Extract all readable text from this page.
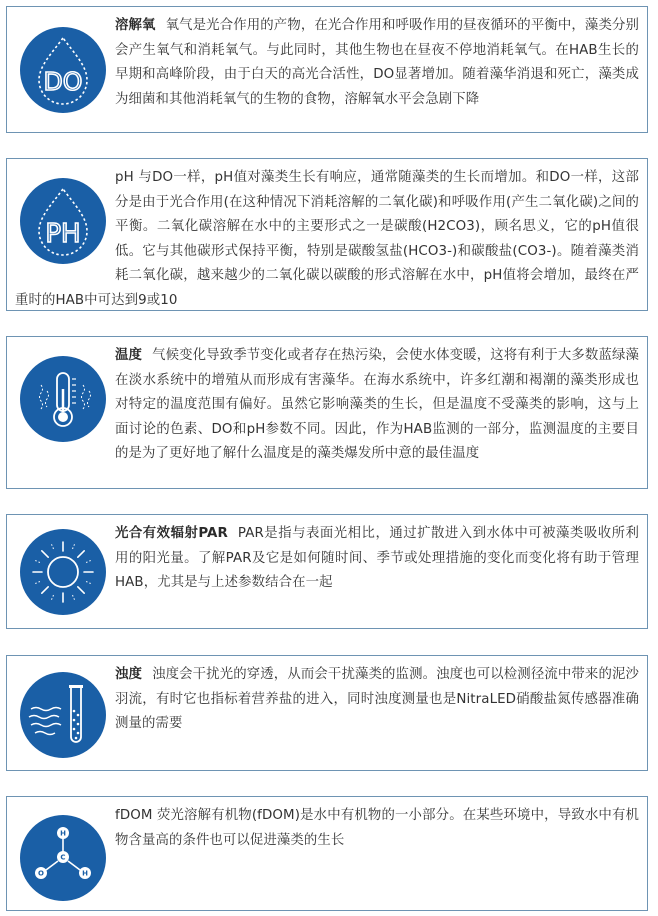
DO

溶解氧 氧气是光合作用的产物，在光合作用和呼吸作用的昼夜循环的平衡中，藻类分别会产生氧气和消耗氧气。与此同时，其他生物也在昼夜不停地消耗氧气。在HAB生长的早期和高峰阶段，由于白天的高光合活性，DO显著增加。随着藻华消退和死亡，藻类成为细菌和其他消耗氧气的生物的食物，溶解氧水平会急剧下降

PH

pH 与DO一样，pH值对藻类生长有响应，通常随藻类的生长而增加。和DO一样，这部分是由于光合作用(在这种情况下消耗溶解的二氧化碳)和呼吸作用(产生二氧化碳)之间的平衡。二氧化碳溶解在水中的主要形式之一是碳酸(H2CO3)，顾名思义，它的pH值很低。它与其他碳形式保持平衡，特别是碳酸氢盐(HCO3-)和碳酸盐(CO3-)。随着藻类消耗二氧化碳，越来越少的二氧化碳以碳酸的形式溶解在水中，pH值将会增加，最终在严重时的HAB中可达到9或10

温度 气候变化导致季节变化或者存在热污染，会使水体变暖，这将有利于大多数蓝绿藻在淡水系统中的增殖从而形成有害藻华。在海水系统中，许多红潮和褐潮的藻类形成也对特定的温度范围有偏好。虽然它影响藻类的生长，但是温度不受藻类的影响，这与上面讨论的色素、DO和pH参数不同。因此，作为HAB监测的一部分，监测温度的主要目的是为了更好地了解什么温度是的藻类爆发所中意的最佳温度

光合有效辐射PAR PAR是指与表面光相比，通过扩散进入到水体中可被藻类吸收所利用的阳光量。了解PAR及它是如何随时间、季节或处理措施的变化而变化将有助于管理HAB，尤其是与上述参数结合在一起

浊度 浊度会干扰光的穿透，从而会干扰藻类的监测。浊度也可以检测径流中带来的泥沙羽流，有时它也指标着营养盐的进入，同时浊度测量也是NitraLED硝酸盐氮传感器准确测量的需要

H
C
O	H

fDOM 荧光溶解有机物(fDOM)是水中有机物的一小部分。在某些环境中，导致水中有机物含量高的条件也可以促进藻类的生长
